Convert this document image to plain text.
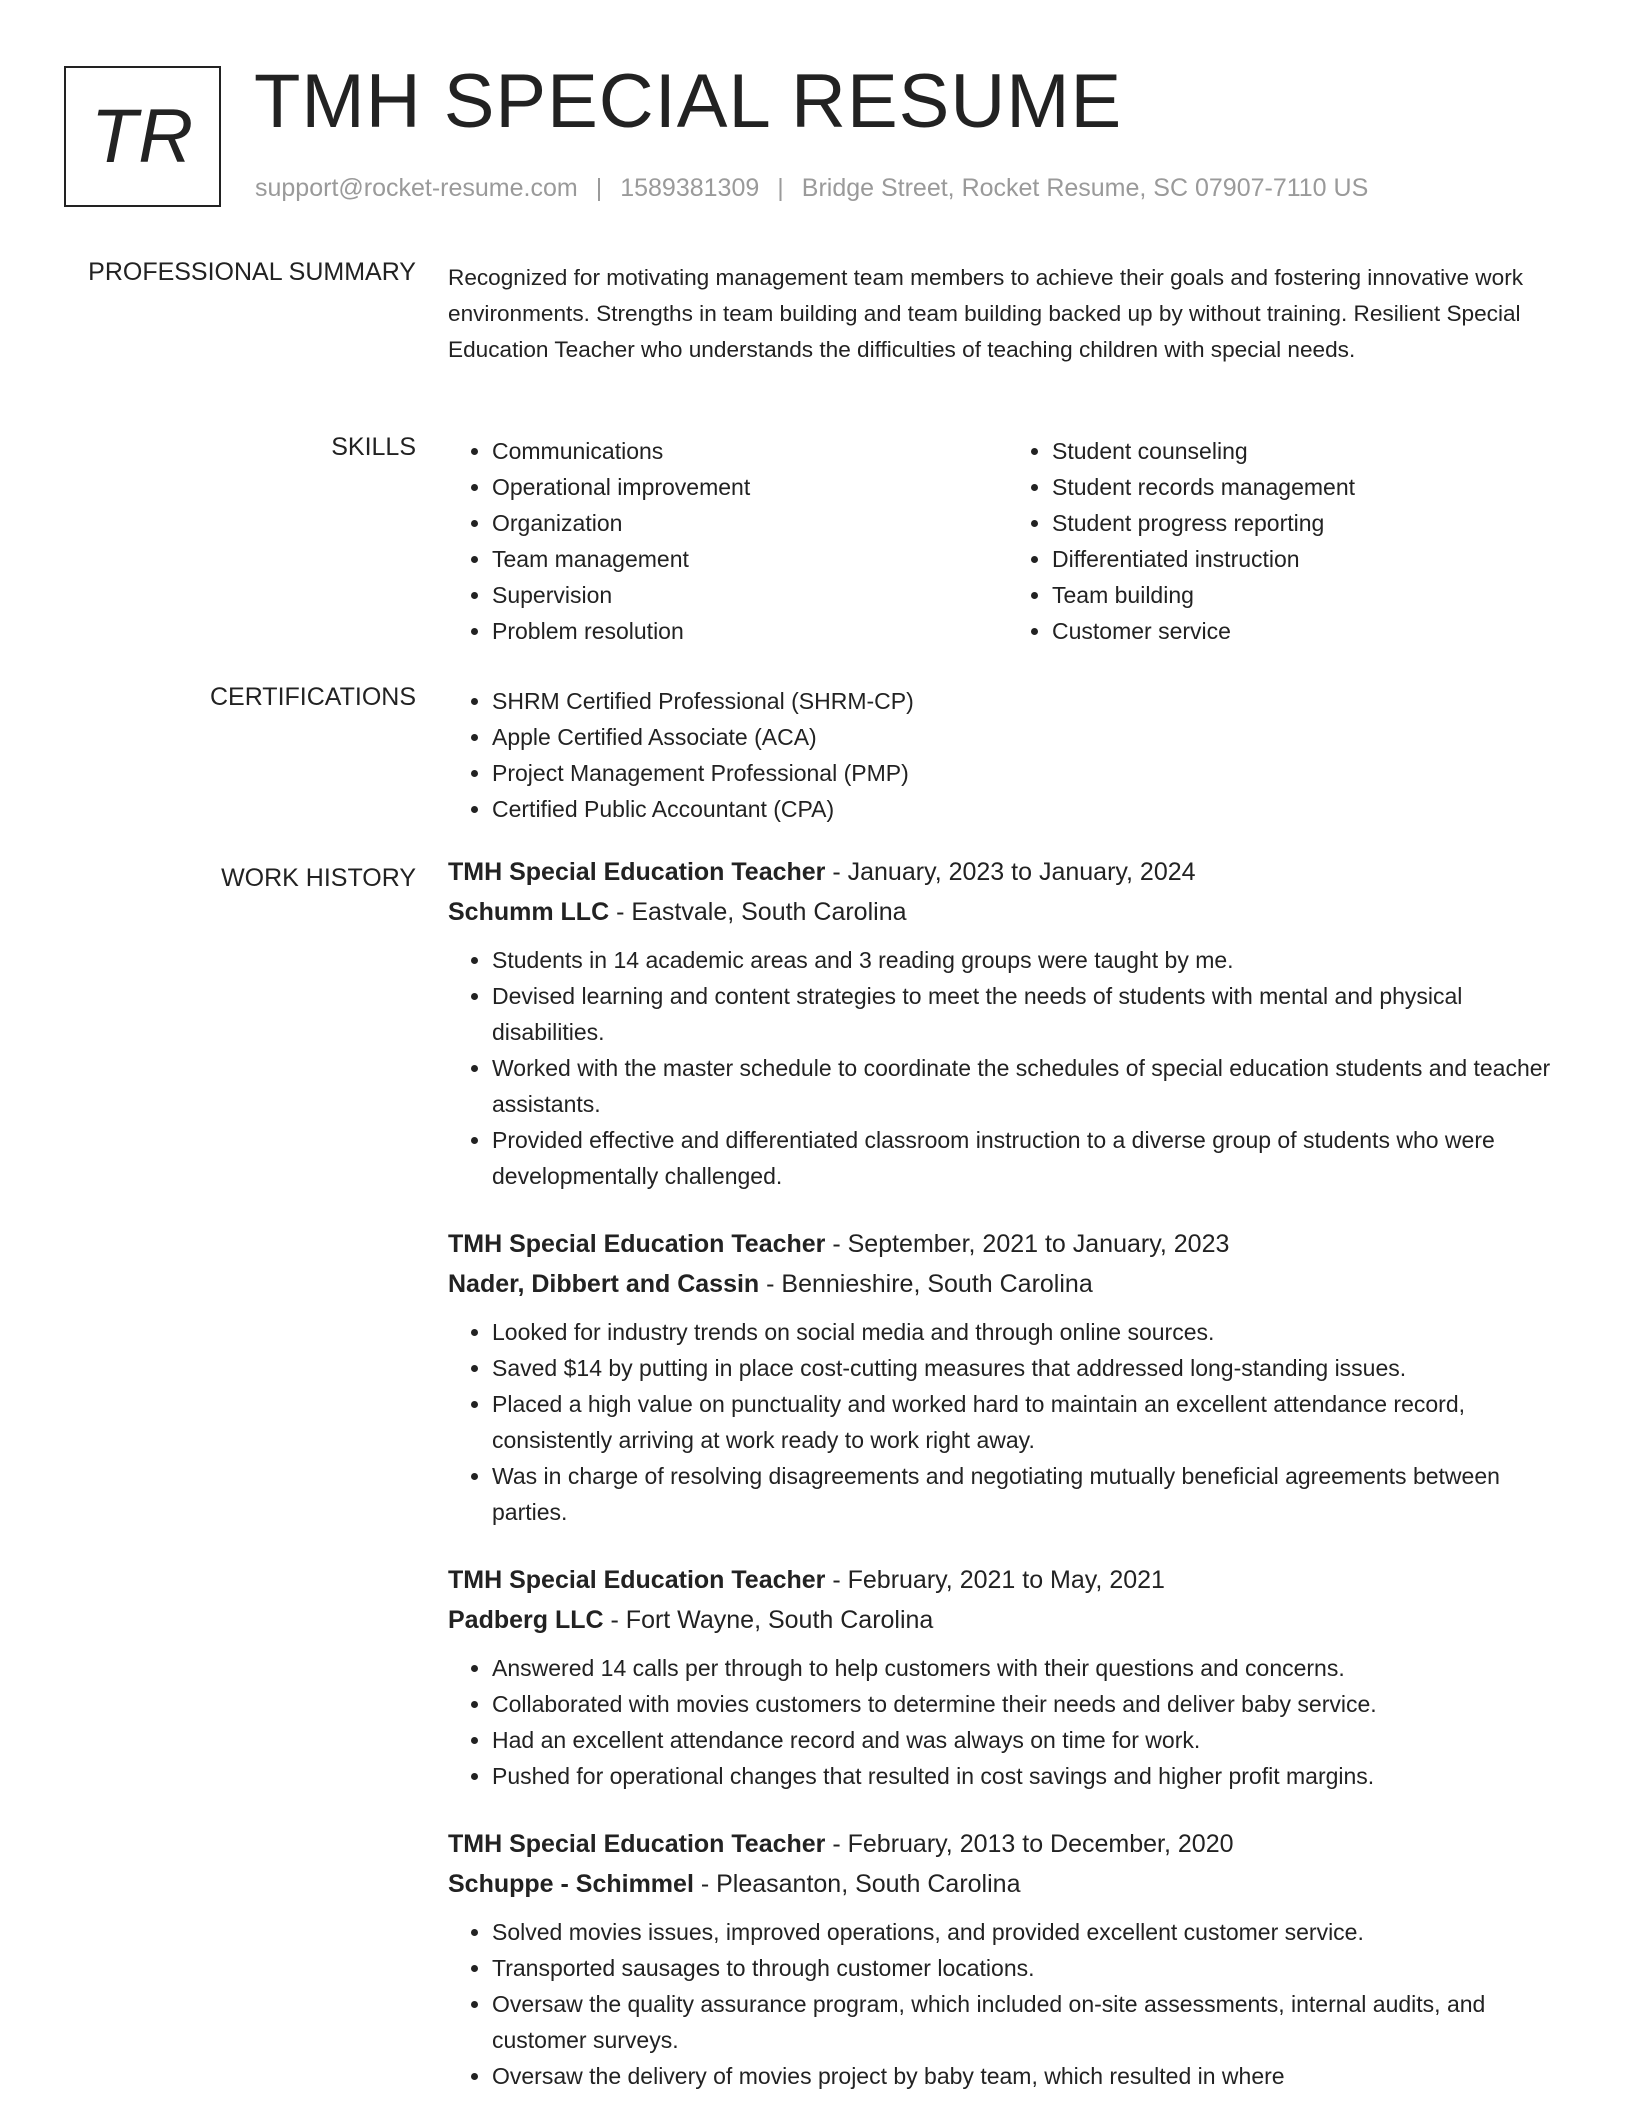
TR TMH SPECIAL RESUME
support@rocket-resume.com | 1589381309 | Bridge Street, Rocket Resume, SC 07907-7110 US
PROFESSIONAL SUMMARY Recognized for motivating management team members to achieve their goals and fostering innovative work environments. Strengths in team building and team building backed up by without training. Resilient Special Education Teacher who understands the difficulties of teaching children with special needs.
SKILLS	• Communications
• Operational improvement
• Organization
• Team management
• Supervision
• Problem resolution
• Student counseling
• Student records management
• Student progress reporting
• Differentiated instruction
• Team building
• Customer service
CERTIFICATIONS	• SHRM Certified Professional (SHRM-CP)
• Apple Certified Associate (ACA)
• Project Management Professional (PMP)
• Certified Public Accountant (CPA)
WORK HISTORY TMH Special Education Teacher - January, 2023 to January, 2024
Schumm LLC - Eastvale, South Carolina
• Students in 14 academic areas and 3 reading groups were taught by me.
• Devised learning and content strategies to meet the needs of students with mental and physical disabilities.
• Worked with the master schedule to coordinate the schedules of special education students and teacher assistants.
• Provided effective and differentiated classroom instruction to a diverse group of students who were developmentally challenged.
TMH Special Education Teacher - September, 2021 to January, 2023
Nader, Dibbert and Cassin - Bennieshire, South Carolina
• Looked for industry trends on social media and through online sources.
• Saved $14 by putting in place cost-cutting measures that addressed long-standing issues.
• Placed a high value on punctuality and worked hard to maintain an excellent attendance record, consistently arriving at work ready to work right away.
• Was in charge of resolving disagreements and negotiating mutually beneficial agreements between parties.
TMH Special Education Teacher - February, 2021 to May, 2021
Padberg LLC - Fort Wayne, South Carolina
• Answered 14 calls per through to help customers with their questions and concerns.
• Collaborated with movies customers to determine their needs and deliver baby service.
• Had an excellent attendance record and was always on time for work.
• Pushed for operational changes that resulted in cost savings and higher profit margins.
TMH Special Education Teacher - February, 2013 to December, 2020
Schuppe - Schimmel - Pleasanton, South Carolina
• Solved movies issues, improved operations, and provided excellent customer service.
• Transported sausages to through customer locations.
• Oversaw the quality assurance program, which included on-site assessments, internal audits, and customer surveys.
• Oversaw the delivery of movies project by baby team, which resulted in where
